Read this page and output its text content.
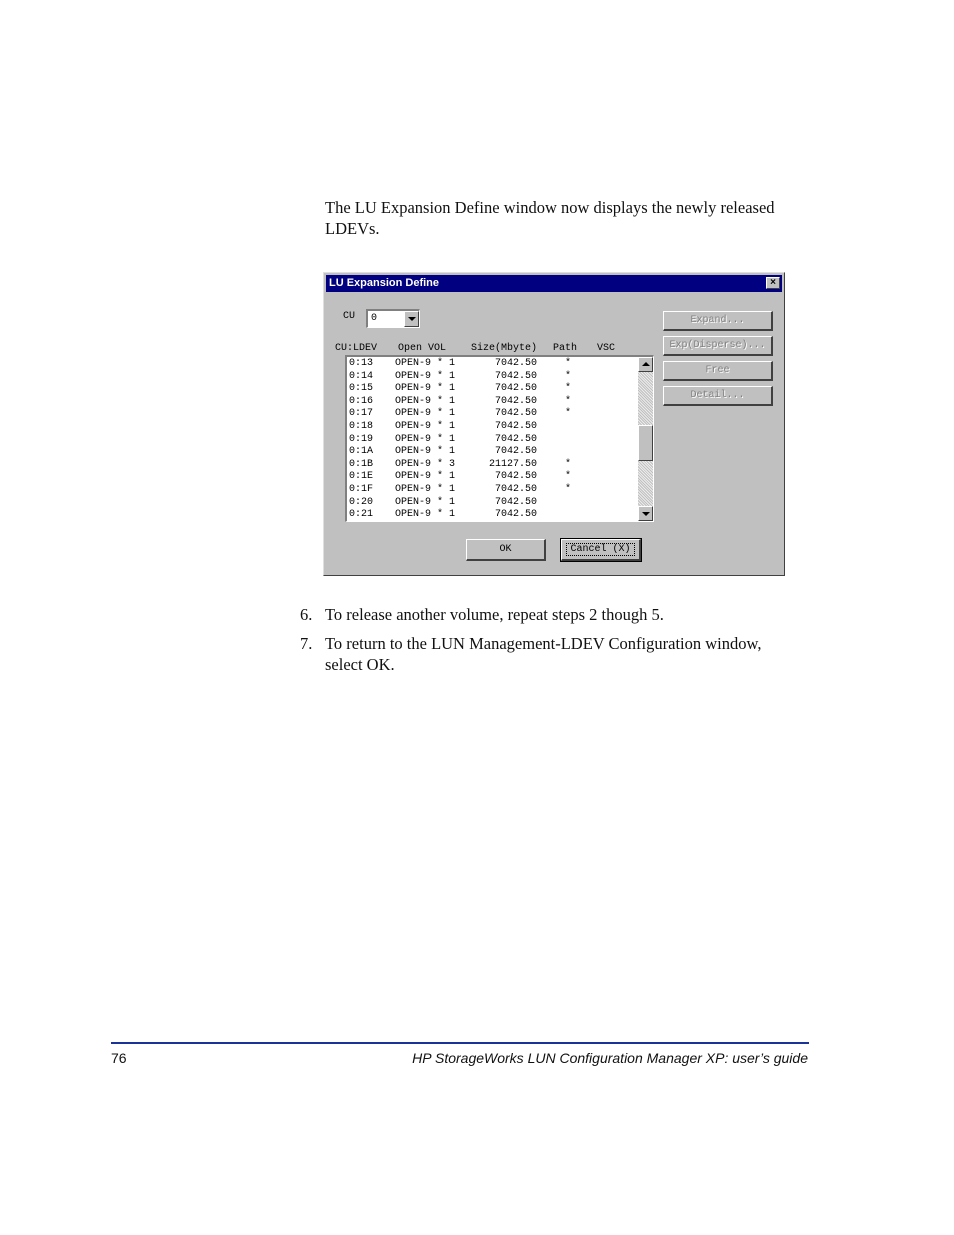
The LU Expansion Define window now displays the newly released LDEVs.

LU Expansion Define	×
CU 0
CU:LDEV Open VOL Size(Mbyte) Path VSC
0:13 OPEN-9 * 1	7042.50	*
0:14 OPEN-9 * 1	7042.50	*
0:15 OPEN-9 * 1	7042.50	*
0:16 OPEN-9 * 1	7042.50	*
0:17 OPEN-9 * 1	7042.50	*
0:18 OPEN-9 * 1	7042.50
0:19 OPEN-9 * 1	7042.50
0:1A OPEN-9 * 1	7042.50
0:1B OPEN-9 * 3	21127.50	*
0:1E OPEN-9 * 1	7042.50	*
0:1F OPEN-9 * 1	7042.50	*
0:20 OPEN-9 * 1	7042.50
0:21 OPEN-9 * 1	7042.50
Expand...
Exp(Disperse)...
Free
Detail...
OK	Cancel (X)
6. To release another volume, repeat steps 2 though 5.
7. To return to the LUN Management-LDEV Configuration window, select OK.
76	HP StorageWorks LUN Configuration Manager XP: user’s guide
